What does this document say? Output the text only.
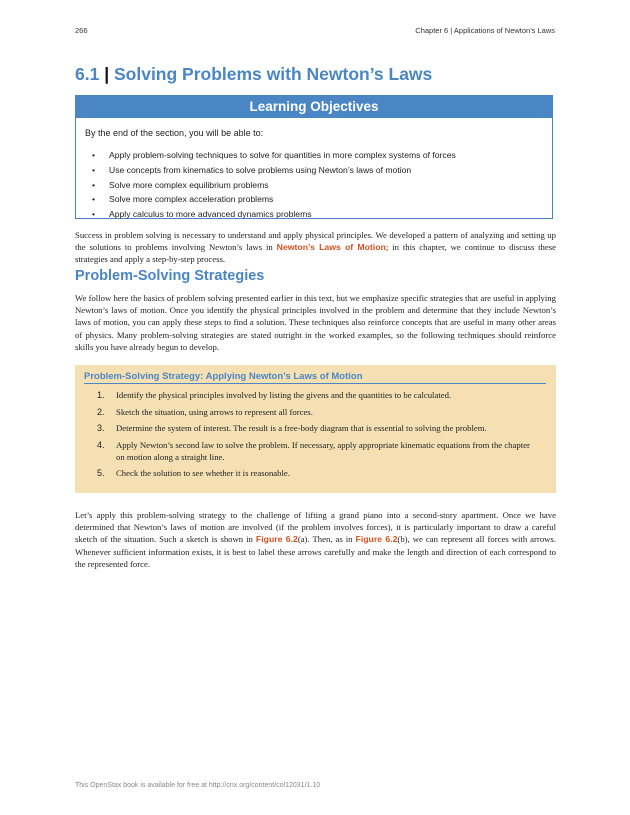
266	Chapter 6 | Applications of Newton's Laws
6.1 | Solving Problems with Newton’s Laws
Learning Objectives
By the end of the section, you will be able to:
• Apply problem-solving techniques to solve for quantities in more complex systems of forces
• Use concepts from kinematics to solve problems using Newton’s laws of motion
• Solve more complex equilibrium problems
• Solve more complex acceleration problems
• Apply calculus to more advanced dynamics problems

Success in problem solving is necessary to understand and apply physical principles. We developed a pattern of analyzing and setting up the solutions to problems involving Newton’s laws in Newton’s Laws of Motion; in this chapter, we continue to discuss these strategies and apply a step-by-step process.

Problem-Solving Strategies

We follow here the basics of problem solving presented earlier in this text, but we emphasize specific strategies that are useful in applying Newton’s laws of motion. Once you identify the physical principles involved in the problem and determine that they include Newton’s laws of motion, you can apply these steps to find a solution. These techniques also reinforce concepts that are useful in many other areas of physics. Many problem-solving strategies are stated outright in the worked examples, so the following techniques should reinforce skills you have already begun to develop.

Problem-Solving Strategy: Applying Newton’s Laws of Motion
1. Identify the physical principles involved by listing the givens and the quantities to be calculated.
2. Sketch the situation, using arrows to represent all forces.
3. Determine the system of interest. The result is a free-body diagram that is essential to solving the problem.
4. Apply Newton’s second law to solve the problem. If necessary, apply appropriate kinematic equations from the chapter on motion along a straight line.
5. Check the solution to see whether it is reasonable.

Let’s apply this problem-solving strategy to the challenge of lifting a grand piano into a second-story apartment. Once we have determined that Newton’s laws of motion are involved (if the problem involves forces), it is particularly important to draw a careful sketch of the situation. Such a sketch is shown in Figure 6.2(a). Then, as in Figure 6.2(b), we can represent all forces with arrows. Whenever sufficient information exists, it is best to label these arrows carefully and make the length and direction of each correspond to the represented force.

This OpenStax book is available for free at http://cnx.org/content/col12031/1.10
